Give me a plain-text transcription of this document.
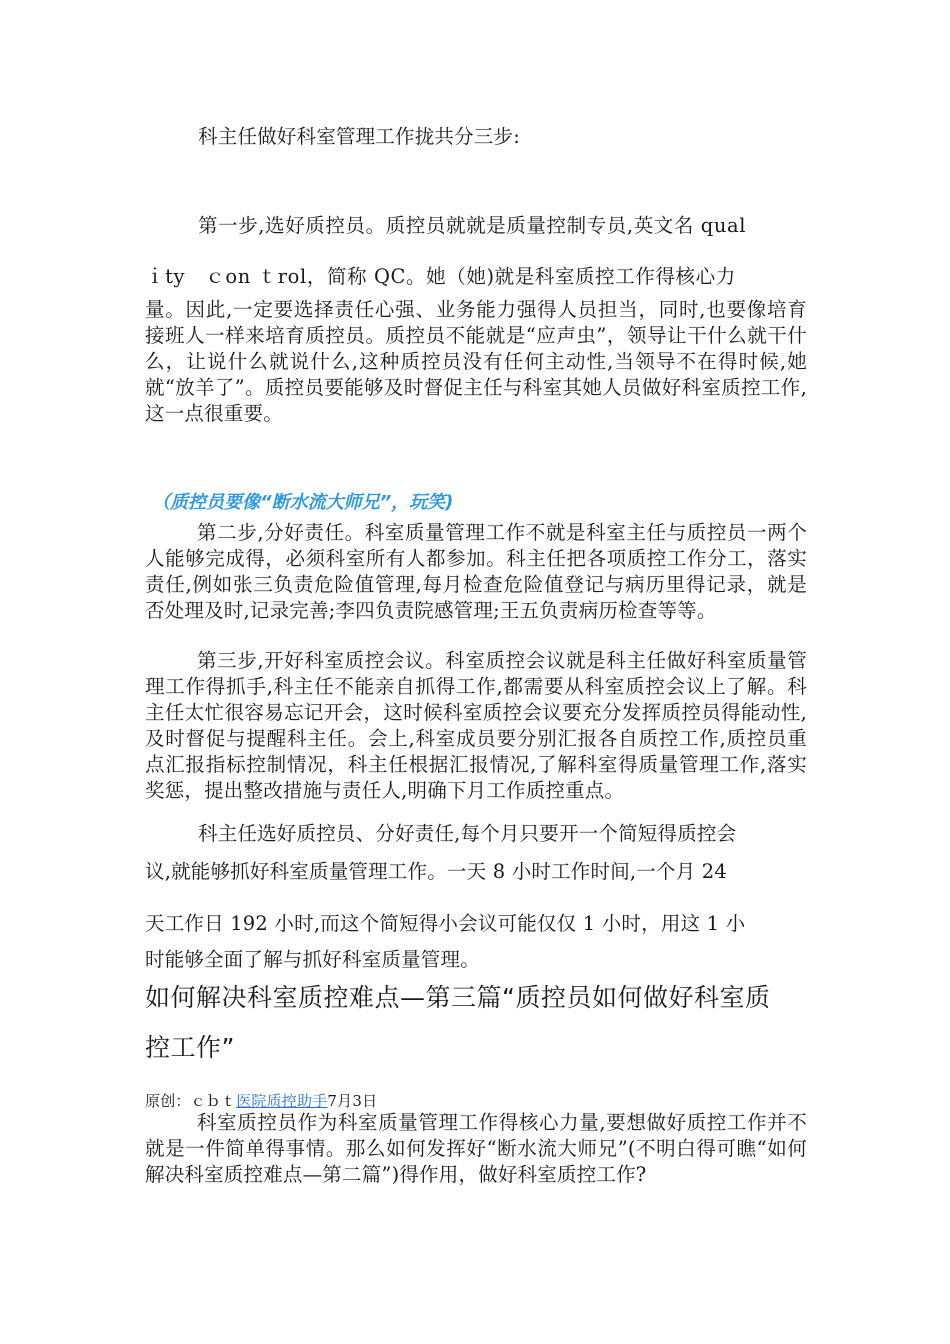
科主任做好科室管理工作拢共分三步:

第一步,选好质控员。质控员就就是质量控制专员,英文名 qual

ｉty　ｃon ｔrol，简称 QC。她（她)就是科室质控工作得核心力

量。因此,一定要选择责任心强、业务能力强得人员担当，同时,也要像培育接班人一样来培育质控员。质控员不能就是“应声虫”，领导让干什么就干什么，让说什么就说什么,这种质控员没有任何主动性,当领导不在得时候,她就“放羊了”。质控员要能够及时督促主任与科室其她人员做好科室质控工作,这一点很重要。

（质控员要像“断水流大师兄”，玩笑)

第二步,分好责任。科室质量管理工作不就是科室主任与质控员一两个人能够完成得，必须科室所有人都参加。科主任把各项质控工作分工，落实责任,例如张三负责危险值管理,每月检查危险值登记与病历里得记录，就是否处理及时,记录完善;李四负责院感管理;王五负责病历检查等等。

第三步,开好科室质控会议。科室质控会议就是科主任做好科室质量管理工作得抓手,科主任不能亲自抓得工作,都需要从科室质控会议上了解。科主任太忙很容易忘记开会，这时候科室质控会议要充分发挥质控员得能动性,及时督促与提醒科主任。会上,科室成员要分别汇报各自质控工作,质控员重点汇报指标控制情况，科主任根据汇报情况,了解科室得质量管理工作,落实奖惩，提出整改措施与责任人,明确下月工作质控重点。

科主任选好质控员、分好责任,每个月只要开一个简短得质控会

议,就能够抓好科室质量管理工作。一天 8 小时工作时间,一个月 24

天工作日 192 小时,而这个简短得小会议可能仅仅 1 小时，用这 1 小

时能够全面了解与抓好科室质量管理。

如何解决科室质控难点—第三篇“质控员如何做好科室质
控工作”

原创：ｃｂｔ医院质控助手7月3日

科室质控员作为科室质量管理工作得核心力量,要想做好质控工作并不就是一件简单得事情。那么如何发挥好“断水流大师兄”(不明白得可瞧“如何解决科室质控难点—第二篇”)得作用，做好科室质控工作?
